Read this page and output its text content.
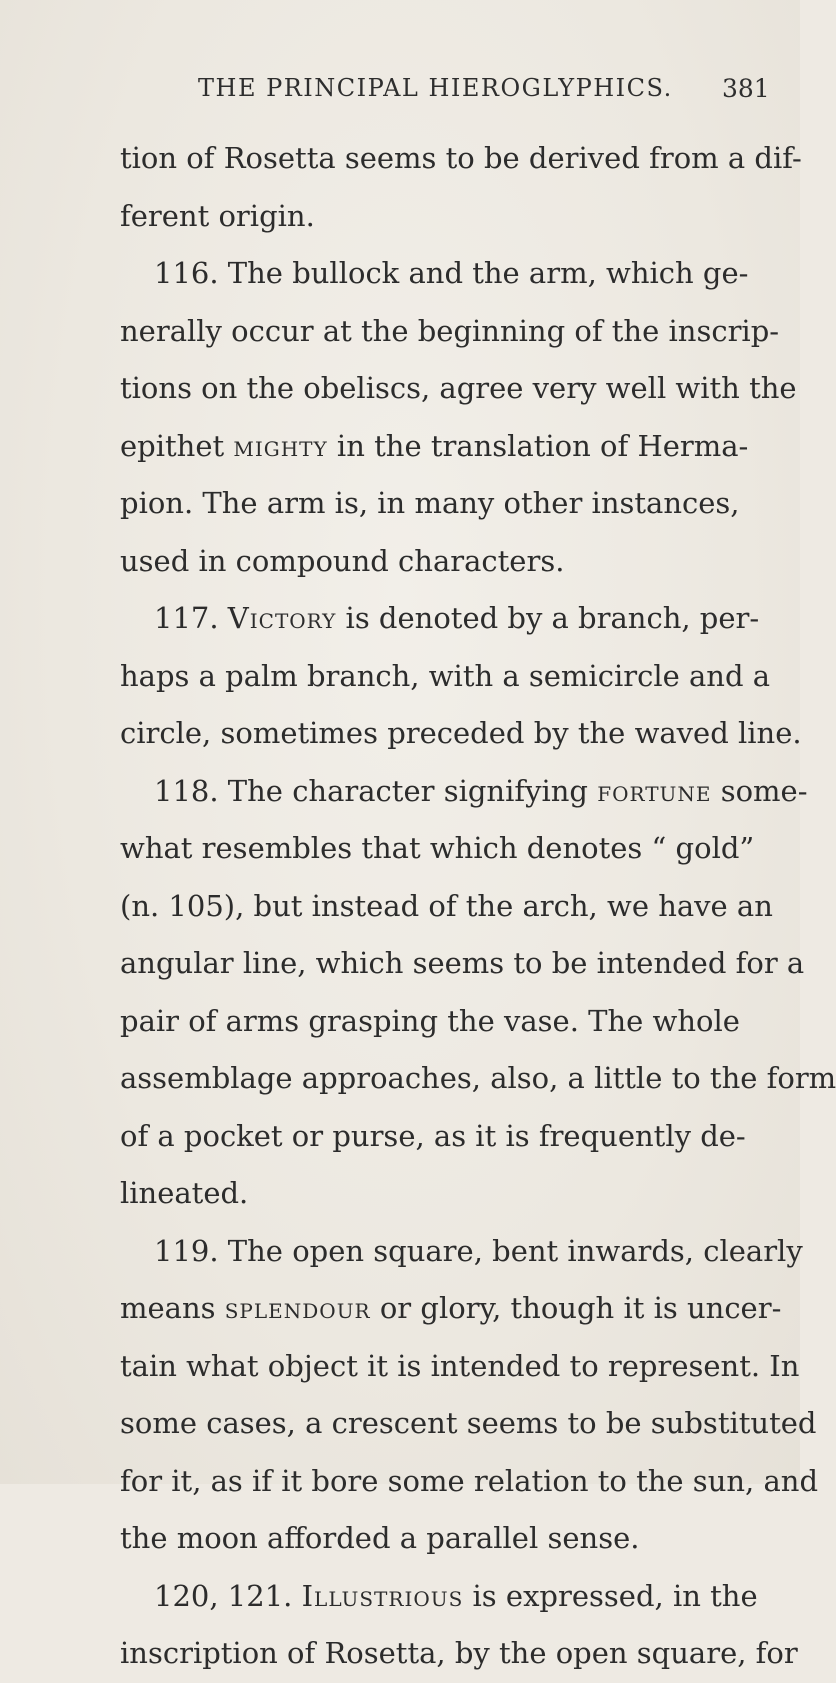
THE PRINCIPAL HIEROGLYPHICS. 381
tion of Rosetta seems to be derived from a dif-
ferent origin.
116. The bullock and the arm, which ge-
nerally occur at the beginning of the inscrip-
tions on the obeliscs, agree very well with the
epithet mighty in the translation of Herma-
pion. The arm is, in many other instances,
used in compound characters.
117. Victory is denoted by a branch, per-
haps a palm branch, with a semicircle and a
circle, sometimes preceded by the waved line.
118. The character signifying fortune some-
what resembles that which denotes “ gold”
(n. 105), but instead of the arch, we have an
angular line, which seems to be intended for a
pair of arms grasping the vase. The whole
assemblage approaches, also, a little to the form
of a pocket or purse, as it is frequently de-
lineated.
119. The open square, bent inwards, clearly
means splendour or glory, though it is uncer-
tain what object it is intended to represent. In
some cases, a crescent seems to be substituted
for it, as if it bore some relation to the sun, and
the moon afforded a parallel sense.
120, 121. Illustrious is expressed, in the
inscription of Rosetta, by the open square, for
